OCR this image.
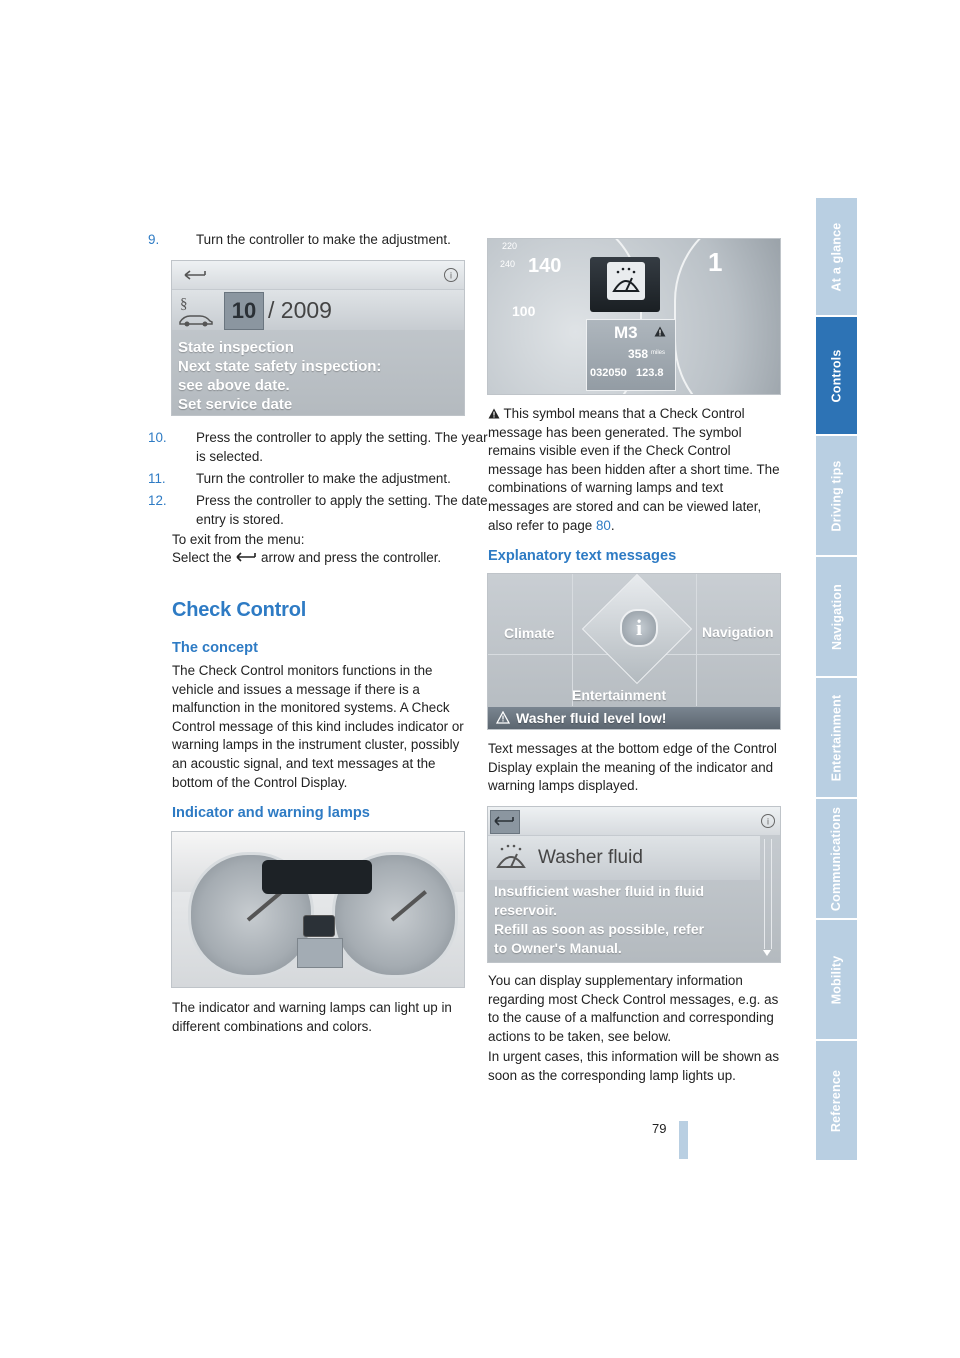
At a glance
Controls
Driving tips
Navigation
Entertainment
Communications
Mobility
Reference
9.	Turn the controller to make the adjustment.
i
§	10 / 2009
State inspection
Next state safety inspection:
see above date.
Set service date
10. Press the controller to apply the setting. The year is selected.
11. Turn the controller to make the adjustment.
12. Press the controller to apply the setting. The date entry is stored.
To exit from the menu:
Select the arrow and press the controller.
Check Control
The concept
The Check Control monitors functions in the vehicle and issues a message if there is a malfunction in the monitored systems. A Check Control message of this kind includes indicator or warning lamps in the instrument cluster, possibly an acoustic signal, and text messages at the bottom of the Control Display.
Indicator and warning lamps
The indicator and warning lamps can light up in different combinations and colors.
220
240 140
100
1
M3
358 miles
032050 123.8
This symbol means that a Check Control message has been generated. The symbol remains visible even if the Check Control message has been hidden after a short time. The combinations of warning lamps and text messages are stored and can be viewed later, also refer to page 80.
Explanatory text messages
i
Climate	Navigation
Entertainment
Washer fluid level low!
Text messages at the bottom edge of the Control Display explain the meaning of the indicator and warning lamps displayed.
i
Washer fluid
Insufficient washer fluid in fluid
reservoir.
Refill as soon as possible, refer
to Owner's Manual.
You can display supplementary information regarding most Check Control messages, e.g. as to the cause of a malfunction and corresponding actions to be taken, see below.
In urgent cases, this information will be shown as soon as the corresponding lamp lights up.
79
